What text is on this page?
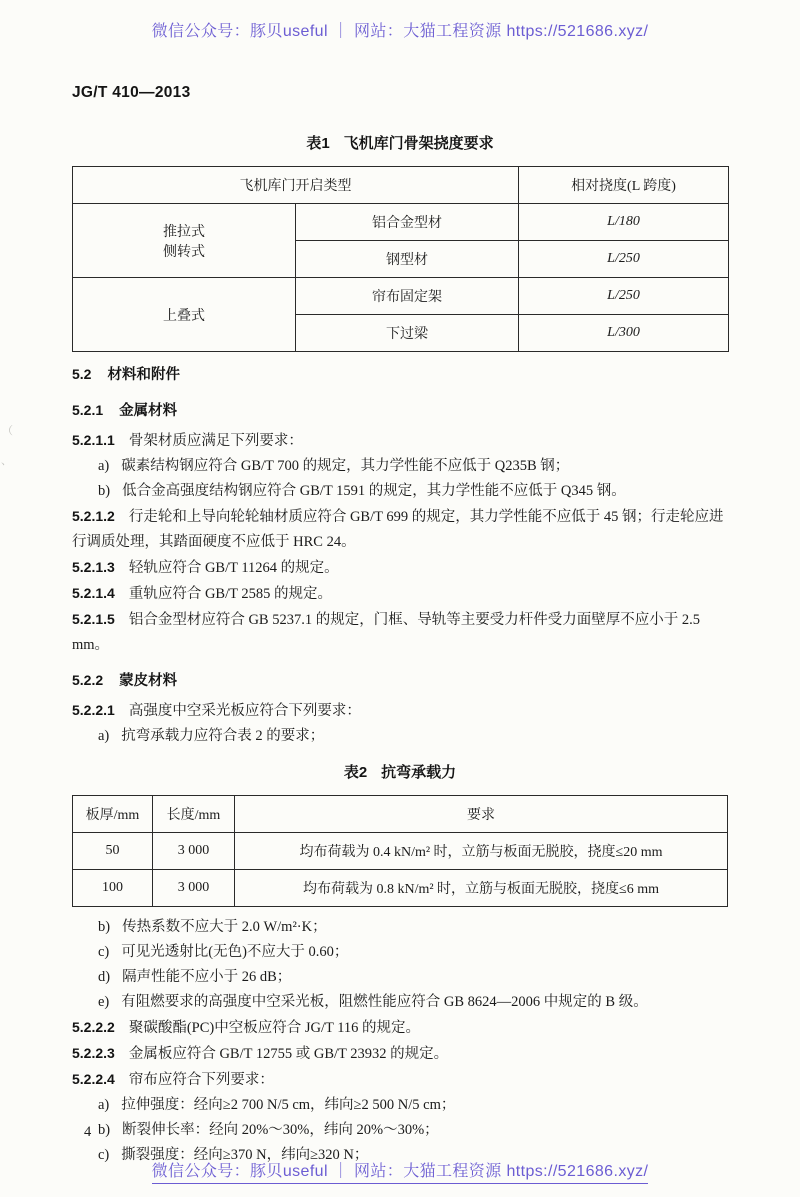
微信公众号：豚贝useful ｜ 网站：大猫工程资源 https://521686.xyz/
JG/T 410—2013
（
、
表1 飞机库门骨架挠度要求
飞机库门开启类型		相对挠度(L 跨度)

推拉式
侧转式	铝合金型材	L/180
	钢型材	L/250
上叠式	帘布固定架	L/250
	下过梁	L/300
5.2 材料和附件
5.2.1 金属材料
5.2.1.1 骨架材质应满足下列要求：
a) 碳素结构钢应符合 GB/T 700 的规定，其力学性能不应低于 Q235B 钢；
b) 低合金高强度结构钢应符合 GB/T 1591 的规定，其力学性能不应低于 Q345 钢。
5.2.1.2 行走轮和上导向轮轮轴材质应符合 GB/T 699 的规定，其力学性能不应低于 45 钢；行走轮应进行调质处理，其踏面硬度不应低于 HRC 24。
5.2.1.3 轻轨应符合 GB/T 11264 的规定。
5.2.1.4 重轨应符合 GB/T 2585 的规定。
5.2.1.5 铝合金型材应符合 GB 5237.1 的规定，门框、导轨等主要受力杆件受力面壁厚不应小于 2.5 mm。
5.2.2 蒙皮材料
5.2.2.1 高强度中空采光板应符合下列要求：
a) 抗弯承载力应符合表 2 的要求；
表2 抗弯承载力
板厚/mm	长度/mm	要求
50	3 000	均布荷载为 0.4 kN/m² 时，立筋与板面无脱胶，挠度≤20 mm
100	3 000	均布荷载为 0.8 kN/m² 时，立筋与板面无脱胶，挠度≤6 mm
b) 传热系数不应大于 2.0 W/m²·K；
c) 可见光透射比(无色)不应大于 0.60；
d) 隔声性能不应小于 26 dB；
e) 有阻燃要求的高强度中空采光板，阻燃性能应符合 GB 8624—2006 中规定的 B 级。
5.2.2.2 聚碳酸酯(PC)中空板应符合 JG/T 116 的规定。
5.2.2.3 金属板应符合 GB/T 12755 或 GB/T 23932 的规定。
5.2.2.4 帘布应符合下列要求：
a) 拉伸强度：经向≥2 700 N/5 cm，纬向≥2 500 N/5 cm；
b) 断裂伸长率：经向 20%～30%，纬向 20%～30%；
c) 撕裂强度：经向≥370 N，纬向≥320 N；
4
微信公众号：豚贝useful ｜ 网站：大猫工程资源 https://521686.xyz/
